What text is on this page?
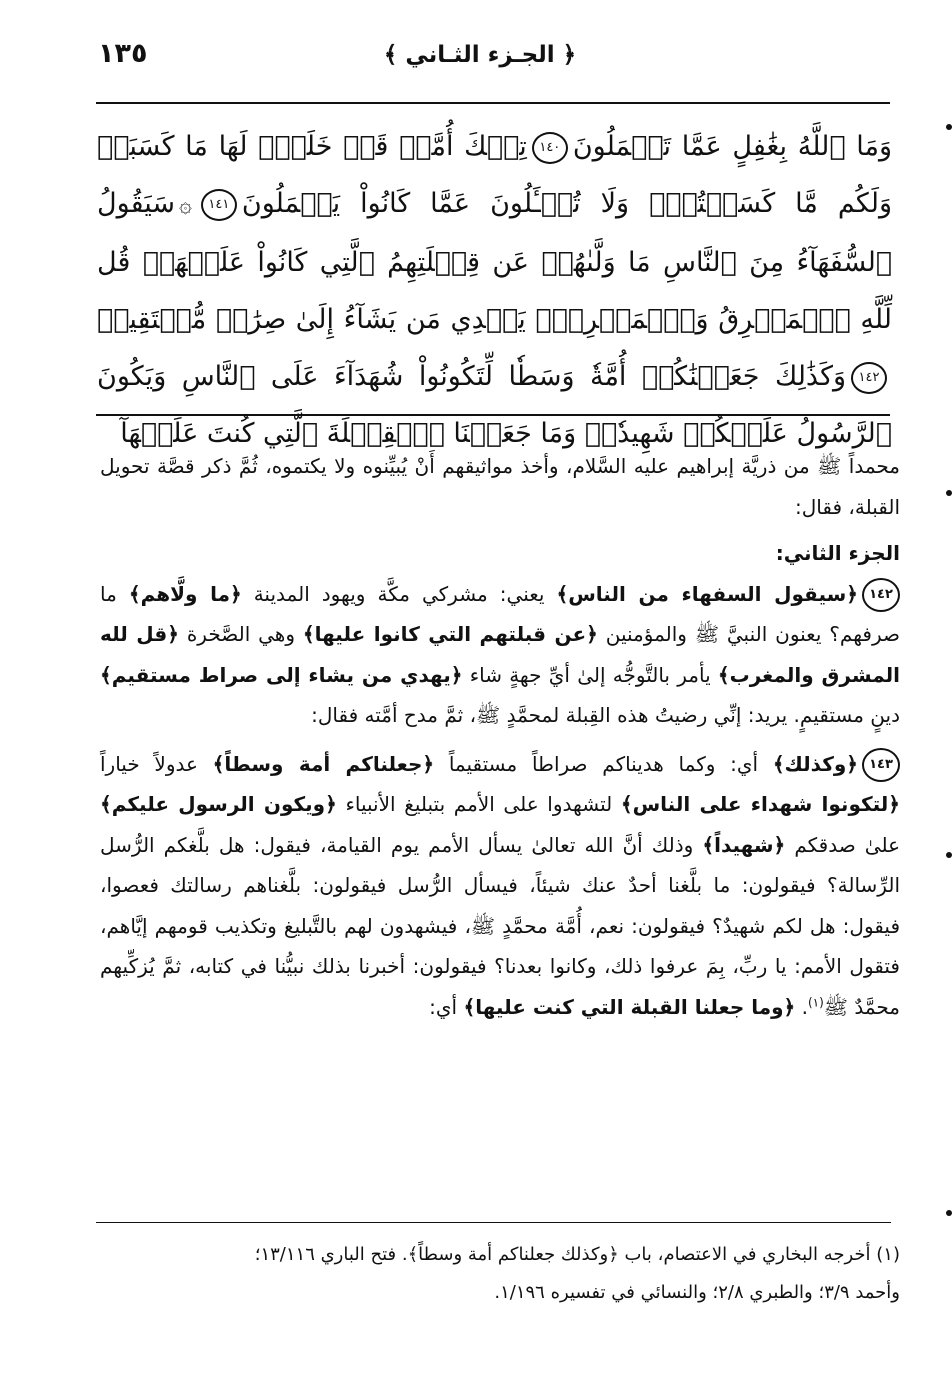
﴿ الجـزء الثـاني ﴾
١٣٥
وَمَا ٱللَّهُ بِغَٰفِلٍ عَمَّا تَعۡمَلُونَ١٤٠تِلۡكَ أُمَّةٞ قَدۡ خَلَتۡۖ لَهَا مَا كَسَبَتۡ وَلَكُم مَّا كَسَبۡتُمۡۖ وَلَا تُسۡـَٔلُونَ عَمَّا كَانُواْ يَعۡمَلُونَ١٤١۞سَيَقُولُ ٱلسُّفَهَآءُ مِنَ ٱلنَّاسِ مَا وَلَّىٰهُمۡ عَن قِبۡلَتِهِمُ ٱلَّتِي كَانُواْ عَلَيۡهَاۚ قُل لِّلَّهِ ٱلۡمَشۡرِقُ وَٱلۡمَغۡرِبُۚ يَهۡدِي مَن يَشَآءُ إِلَىٰ صِرَٰطٖ مُّسۡتَقِيمٖ١٤٢وَكَذَٰلِكَ جَعَلۡنَٰكُمۡ أُمَّةٗ وَسَطٗا لِّتَكُونُواْ شُهَدَآءَ عَلَى ٱلنَّاسِ وَيَكُونَ ٱلرَّسُولُ عَلَيۡكُمۡ شَهِيدٗاۗ وَمَا جَعَلۡنَا ٱلۡقِبۡلَةَ ٱلَّتِي كُنتَ عَلَيۡهَآ

محمداً ﷺ من ذريَّة إبراهيم عليه السَّلام، وأخذ مواثيقهم أَنْ يُبيِّنوه ولا يكتموه، ثُمَّ ذكر قصَّة تحويل القبلة، فقال:

الجزء الثاني:

١٤٢﴿سيقول السفهاء من الناس﴾ يعني: مشركي مكَّة ويهود المدينة ﴿ما ولَّاهم﴾ ما صرفهم؟ يعنون النبيَّ ﷺ والمؤمنين ﴿عن قبلتهم التي كانوا عليها﴾ وهي الصَّخرة ﴿قل لله المشرق والمغرب﴾ يأمر بالتَّوجُّه إلىٰ أيِّ جهةٍ شاء ﴿يهدي من يشاء إلى صراط مستقيم﴾ دينٍ مستقيمٍ. يريد: إنِّي رضيتُ هذه القِبلة لمحمَّدٍ ﷺ، ثمَّ مدح أمَّته فقال:

١٤٣﴿وكذلك﴾ أي: وكما هديناكم صراطاً مستقيماً ﴿جعلناكم أمة وسطاً﴾ عدولاً خياراً ﴿لتكونوا شهداء على الناس﴾ لتشهدوا على الأمم بتبليغ الأنبياء ﴿ويكون الرسول عليكم﴾ علىٰ صدقكم ﴿شهيداً﴾ وذلك أنَّ الله تعالىٰ يسأل الأمم يوم القيامة، فيقول: هل بلَّغكم الرُّسل الرِّسالة؟ فيقولون: ما بلَّغنا أحدٌ عنك شيئاً، فيسأل الرُّسل فيقولون: بلَّغناهم رسالتك فعصوا، فيقول: هل لكم شهيدٌ؟ فيقولون: نعم، أُمَّة محمَّدٍ ﷺ، فيشهدون لهم بالتَّبليغ وتكذيب قومهم إيَّاهم، فتقول الأمم: يا ربِّ، بِمَ عرفوا ذلك، وكانوا بعدنا؟ فيقولون: أخبرنا بذلك نبيُّنا في كتابه، ثمَّ يُزكِّيهم محمَّدٌ ﷺ$^{(١)}$. ﴿وما جعلنا القبلة التي كنت عليها﴾ أي:

(١) أخرجه البخاري في الاعتصام، باب ﴿وكذلك جعلناكم أمة وسطاً﴾. فتح الباري ١٣/١١٦؛

وأحمد ٣/٩؛ والطبري ٢/٨؛ والنسائي في تفسيره ١/١٩٦.
